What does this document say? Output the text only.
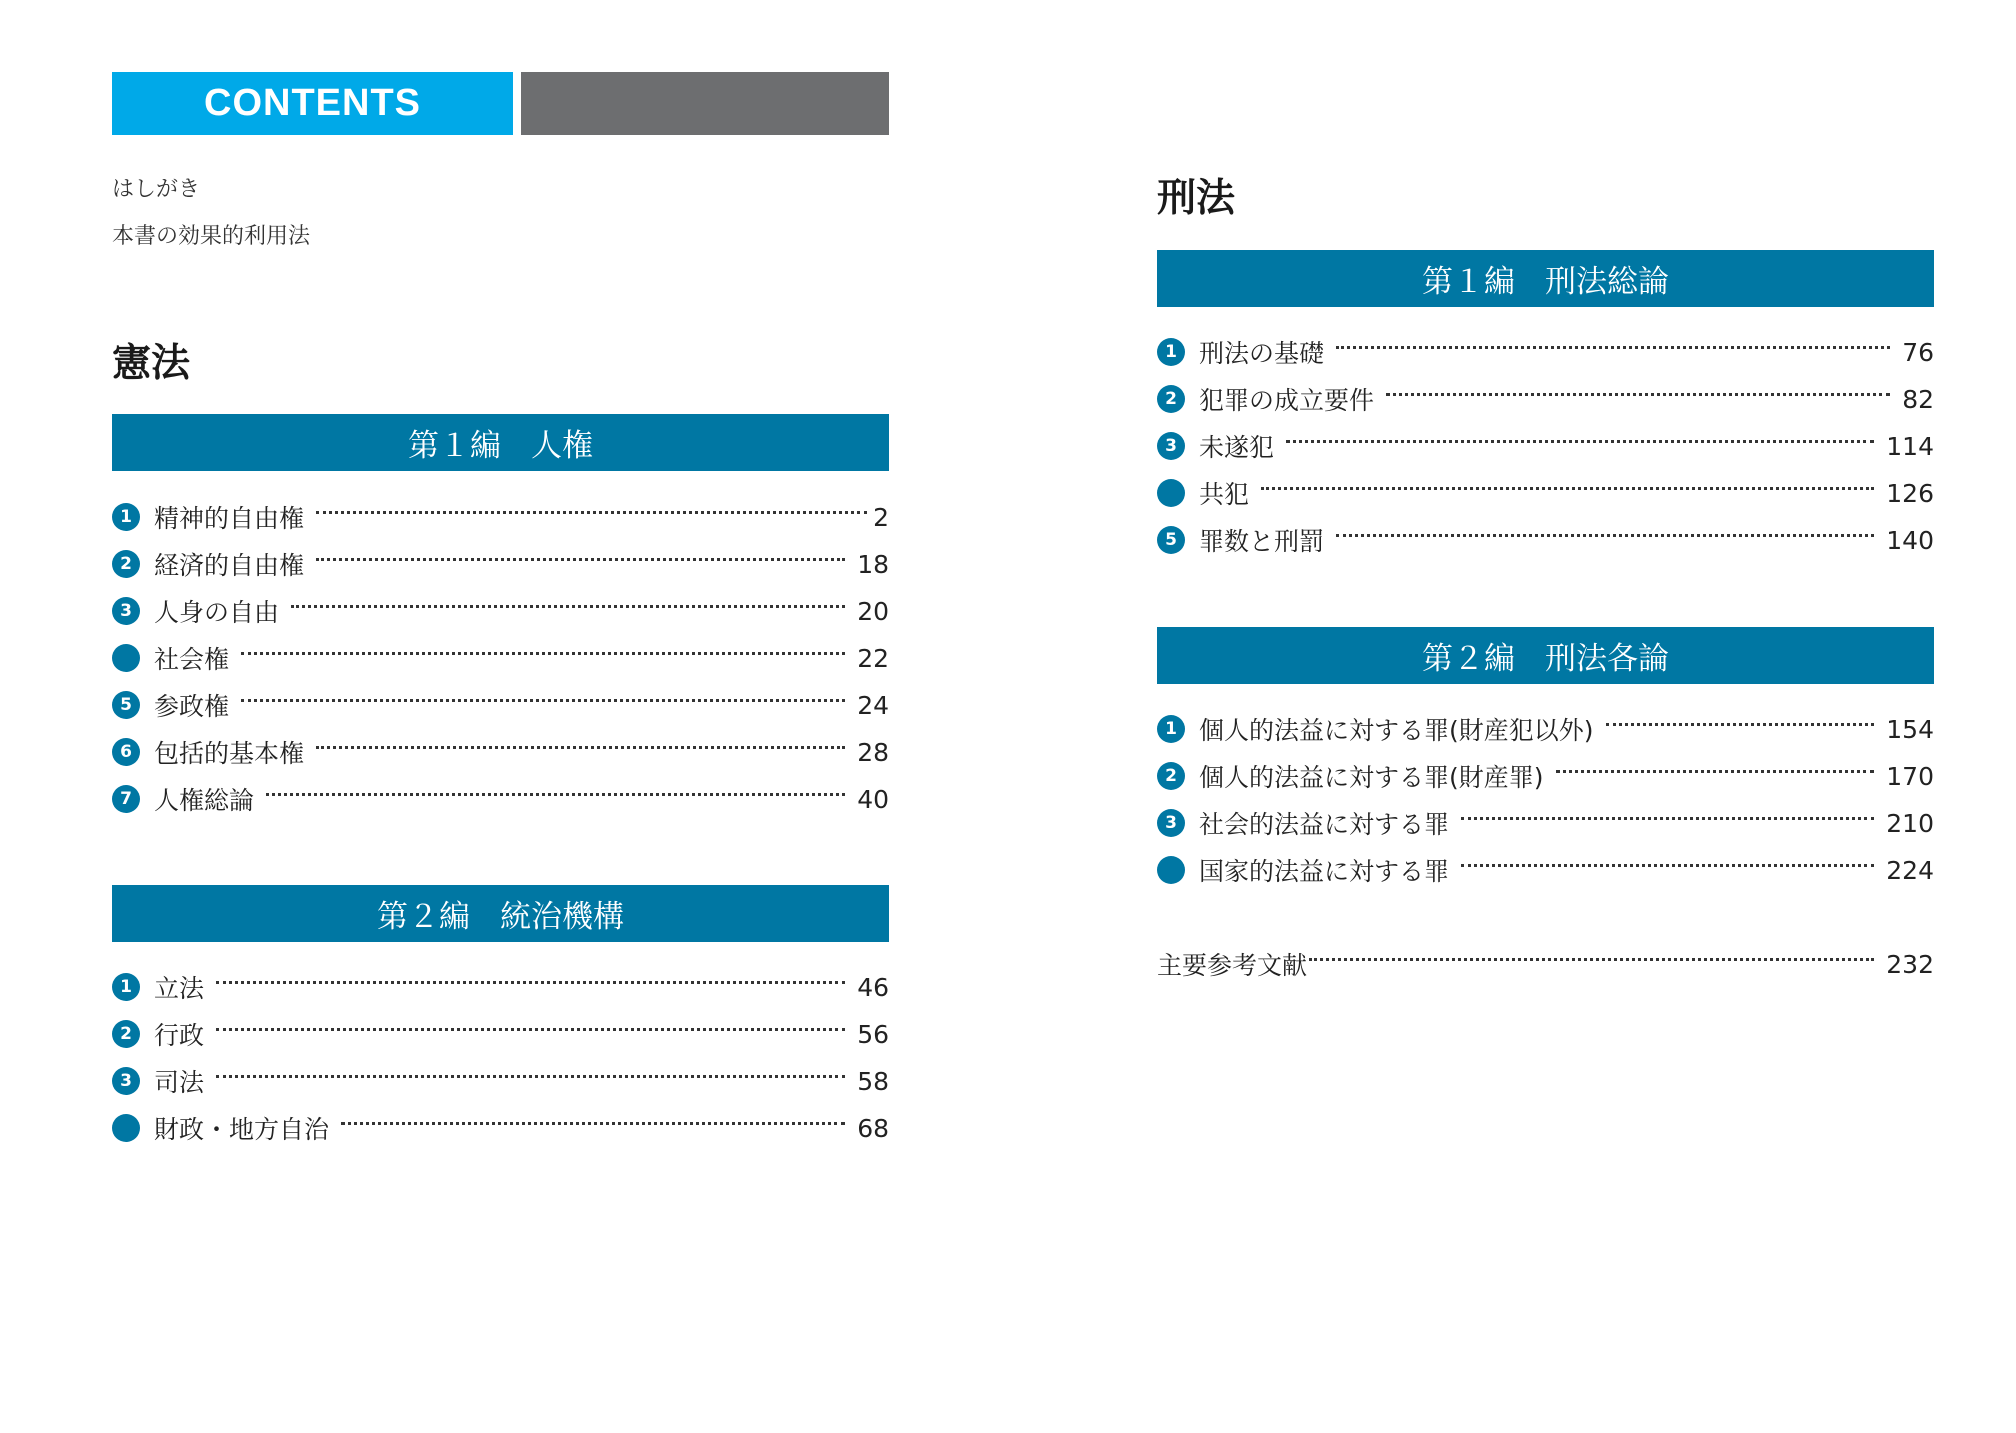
CONTENTS
はしがき
本書の効果的利用法
憲法
第１編 人権
1 精神的自由権	2
2 経済的自由権	18
3 人身の自由	20
社会権	22
5 参政権	24
6 包括的基本権	28
7 人権総論	40
第２編 統治機構
1 立法	46
2 行政	56
3 司法	58
財政・地方自治	68
刑法
第１編 刑法総論
1 刑法の基礎	76
2 犯罪の成立要件	82
3 未遂犯	114
共犯	126
5 罪数と刑罰	140
第２編 刑法各論
1 個人的法益に対する罪(財産犯以外)	154
2 個人的法益に対する罪(財産罪)	170
3 社会的法益に対する罪	210
国家的法益に対する罪	224
主要参考文献	232
